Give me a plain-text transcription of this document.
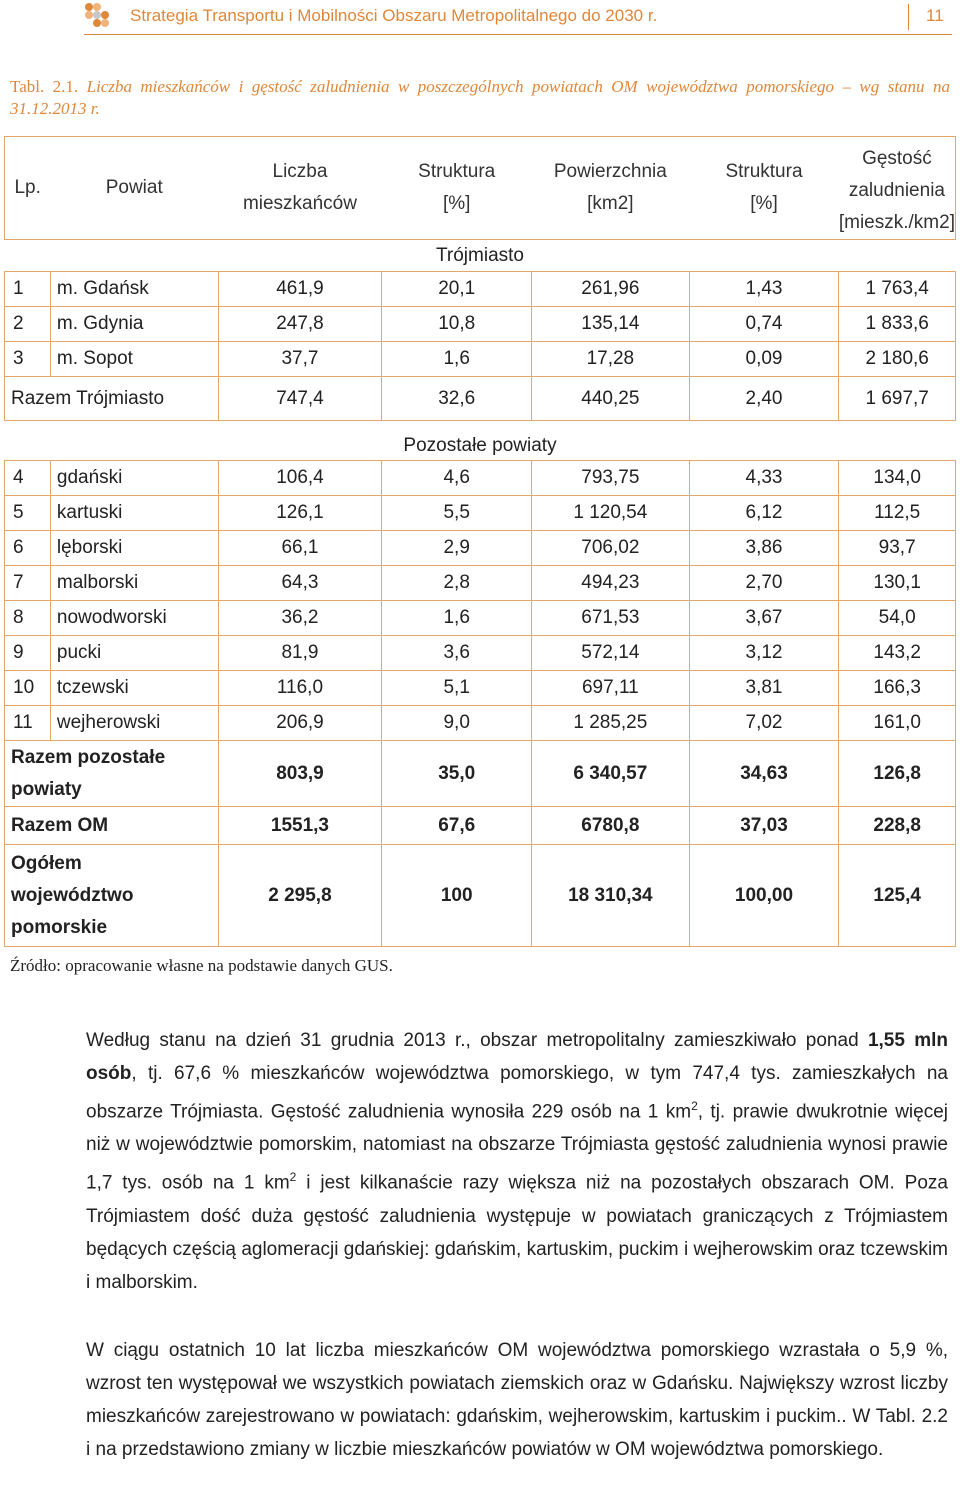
Strategia Transportu i Mobilności Obszaru Metropolitalnego do 2030 r.	11
Tabl. 2.1. Liczba mieszkańców i gęstość zaludnienia w poszczególnych powiatach OM województwa pomorskiego – wg stanu na 31.12.2013 r.
Lp.	Powiat	Liczba mieszkańców	Struktura [%]	Powierzchnia [km2]	Struktura [%]	Gęstość zaludnienia [mieszk./km2]
Trójmiasto						
1	m. Gdańsk	461,9	20,1	261,96	1,43	1 763,4
2	m. Gdynia	247,8	10,8	135,14	0,74	1 833,6
3	m. Sopot	37,7	1,6	17,28	0,09	2 180,6
Razem Trójmiasto		747,4	32,6	440,25	2,40	1 697,7
Pozostałe powiaty						
4	gdański	106,4	4,6	793,75	4,33	134,0
5	kartuski	126,1	5,5	1 120,54	6,12	112,5
6	lęborski	66,1	2,9	706,02	3,86	93,7
7	malborski	64,3	2,8	494,23	2,70	130,1
8	nowodworski	36,2	1,6	671,53	3,67	54,0
9	pucki	81,9	3,6	572,14	3,12	143,2
10	tczewski	116,0	5,1	697,11	3,81	166,3
11	wejherowski	206,9	9,0	1 285,25	7,02	161,0
Razem pozostałe powiaty		803,9	35,0	6 340,57	34,63	126,8
Razem OM		1551,3	67,6	6780,8	37,03	228,8
Ogółem województwo pomorskie		2 295,8	100	18 310,34	100,00	125,4
Źródło: opracowanie własne na podstawie danych GUS.
Według stanu na dzień 31 grudnia 2013 r., obszar metropolitalny zamieszkiwało ponad 1,55 mln osób, tj. 67,6 % mieszkańców województwa pomorskiego, w tym 747,4 tys. zamieszkałych na obszarze Trójmiasta. Gęstość zaludnienia wynosiła 229 osób na 1 $km^2$, tj. prawie dwukrotnie więcej niż w województwie pomorskim, natomiast na obszarze Trójmiasta gęstość zaludnienia wynosi prawie 1,7 tys. osób na 1 $km^2$ i jest kilkanaście razy większa niż na pozostałych obszarach OM. Poza Trójmiastem dość duża gęstość zaludnienia występuje w powiatach graniczących z Trójmiastem będących częścią aglomeracji gdańskiej: gdańskim, kartuskim, puckim i wejherowskim oraz tczewskim i malborskim.
W ciągu ostatnich 10 lat liczba mieszkańców OM województwa pomorskiego wzrastała o 5,9 %, wzrost ten występował we wszystkich powiatach ziemskich oraz w Gdańsku. Największy wzrost liczby mieszkańców zarejestrowano w powiatach: gdańskim, wejherowskim, kartuskim i puckim.. W Tabl. 2.2 i na przedstawiono zmiany w liczbie mieszkańców powiatów w OM województwa pomorskiego.
